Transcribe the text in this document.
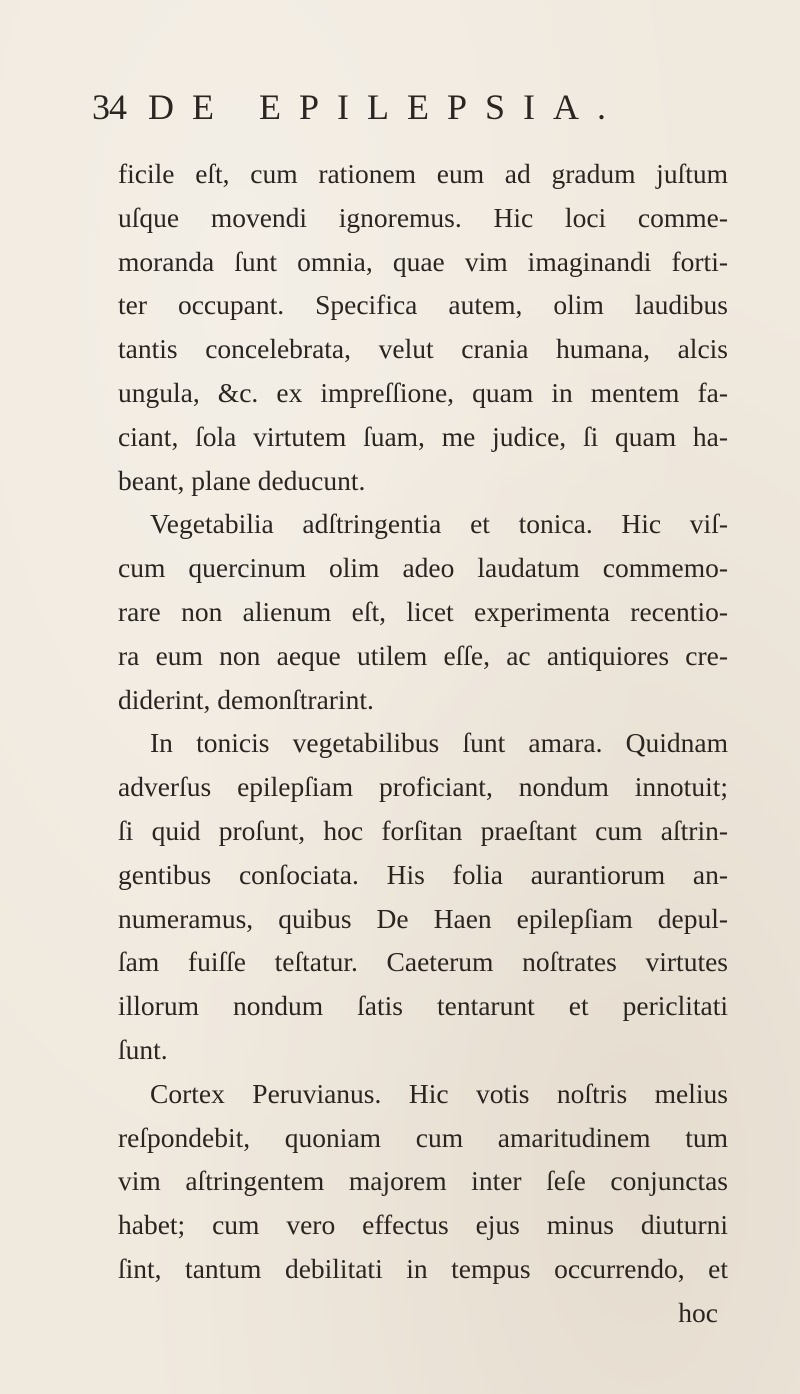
34 DE EPILEPSIA.
ficile eſt, cum rationem eum ad gradum juſtum
uſque movendi ignoremus. Hic loci comme-
moranda ſunt omnia, quae vim imaginandi forti-
ter occupant. Specifica autem, olim laudibus
tantis concelebrata, velut crania humana, alcis
ungula, &c. ex impreſſione, quam in mentem fa-
ciant, ſola virtutem ſuam, me judice, ſi quam ha-
beant, plane deducunt.
Vegetabilia adſtringentia et tonica. Hic viſ-
cum quercinum olim adeo laudatum commemo-
rare non alienum eſt, licet experimenta recentio-
ra eum non aeque utilem eſſe, ac antiquiores cre-
diderint, demonſtrarint.
In tonicis vegetabilibus ſunt amara. Quidnam
adverſus epilepſiam proficiant, nondum innotuit;
ſi quid proſunt, hoc forſitan praeſtant cum aſtrin-
gentibus conſociata. His folia aurantiorum an-
numeramus, quibus De Haen epilepſiam depul-
ſam fuiſſe teſtatur. Caeterum noſtrates virtutes
illorum nondum ſatis tentarunt et periclitati
ſunt.
Cortex Peruvianus. Hic votis noſtris melius
reſpondebit, quoniam cum amaritudinem tum
vim aſtringentem majorem inter ſeſe conjunctas
habet; cum vero effectus ejus minus diuturni
ſint, tantum debilitati in tempus occurrendo, et
hoc
